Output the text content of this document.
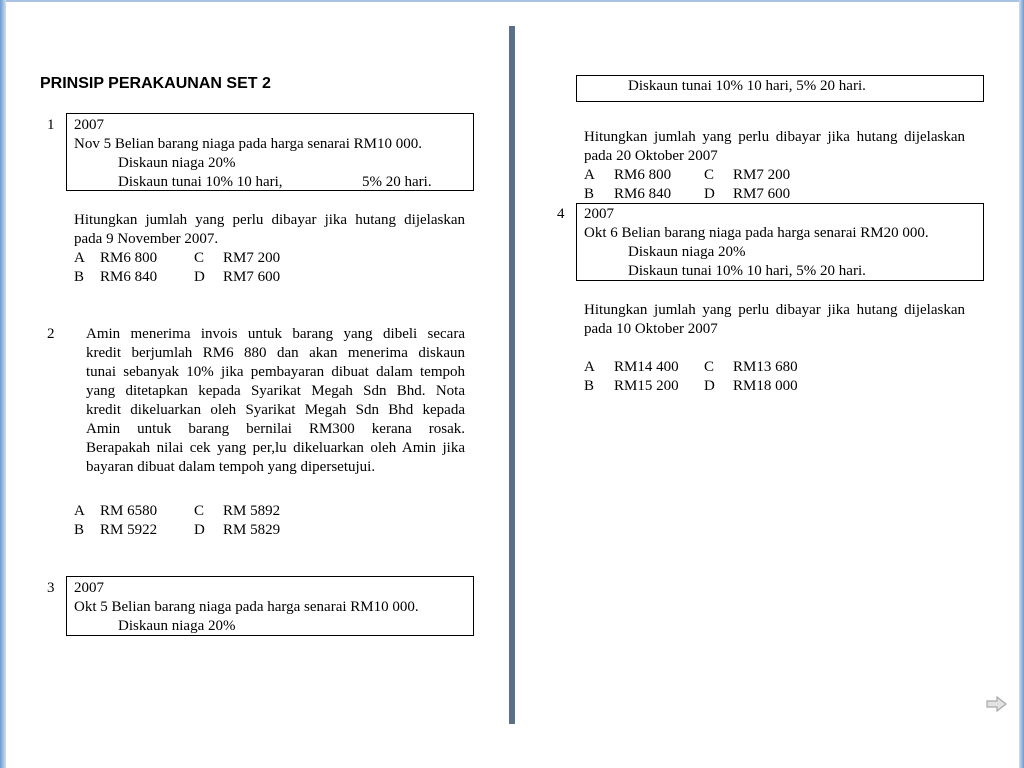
PRINSIP PERAKAUNAN SET 2
1 2007
Nov 5 Belian barang niaga pada harga senarai RM10 000.
Diskaun niaga 20%
Diskaun tunai 10% 10 hari,	5% 20 hari.
Hitungkan jumlah yang perlu dibayar jika hutang dijelaskan
pada 9 November 2007.
A RM6 800 C RM7 200
B RM6 840 D RM7 600
2 Amin menerima invois untuk barang yang dibeli secara
kredit berjumlah RM6 880 dan akan menerima diskaun
tunai sebanyak 10% jika pembayaran dibuat dalam tempoh
yang ditetapkan kepada Syarikat Megah Sdn Bhd. Nota
kredit dikeluarkan oleh Syarikat Megah Sdn Bhd kepada
Amin untuk barang bernilai RM300 kerana rosak.
Berapakah nilai cek yang per,lu dikeluarkan oleh Amin jika
bayaran dibuat dalam tempoh yang dipersetujui.
A RM 6580 C RM 5892
B RM 5922 D RM 5829
3 2007
Okt 5 Belian barang niaga pada harga senarai RM10 000.
Diskaun niaga 20%
Diskaun tunai 10% 10 hari, 5% 20 hari.
Hitungkan jumlah yang perlu dibayar jika hutang dijelaskan
pada 20 Oktober 2007
A RM6 800 C RM7 200
B RM6 840 D RM7 600
4 2007
Okt 6 Belian barang niaga pada harga senarai RM20 000.
Diskaun niaga 20%
Diskaun tunai 10% 10 hari, 5% 20 hari.
Hitungkan jumlah yang perlu dibayar jika hutang dijelaskan
pada 10 Oktober 2007
A RM14 400 C RM13 680
B RM15 200 D RM18 000
